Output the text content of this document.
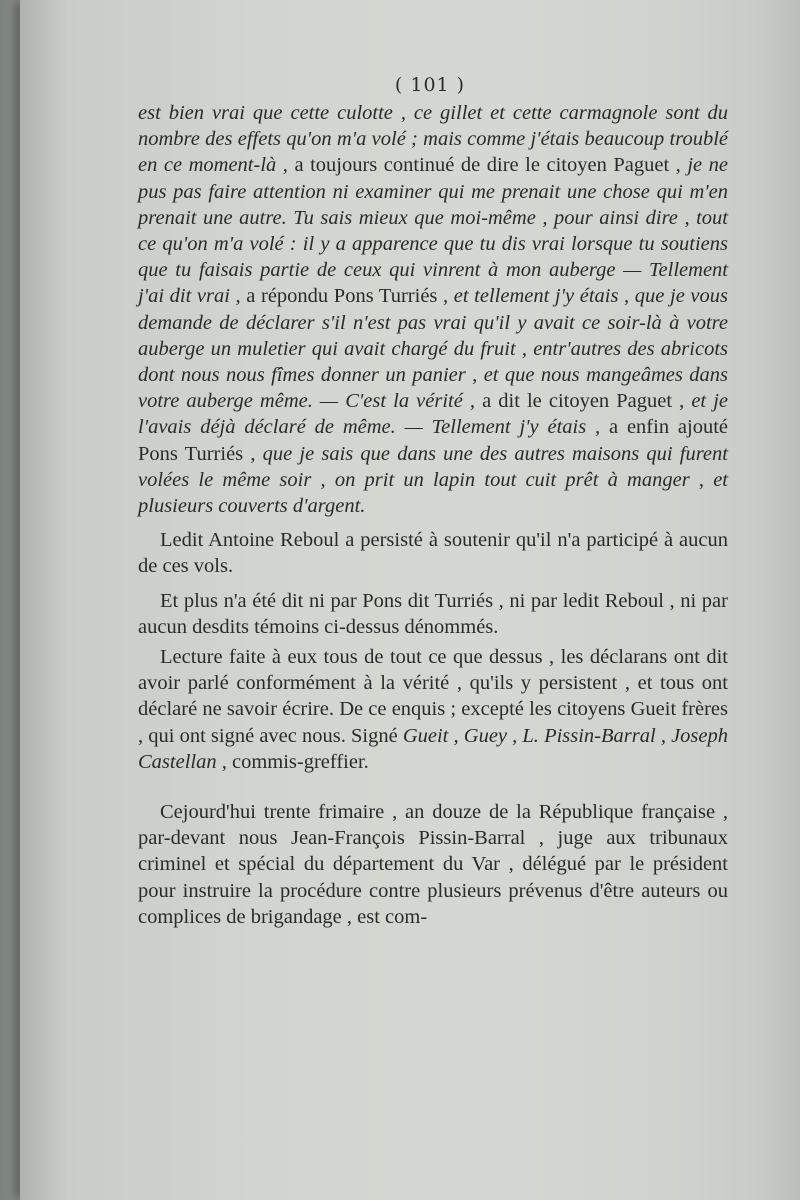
( 101 )

est bien vrai que cette culotte , ce gillet et cette carmagnole sont du nombre des effets qu'on m'a volé ; mais comme j'étais beaucoup troublé en ce moment-là , a toujours continué de dire le citoyen Paguet , je ne pus pas faire attention ni examiner qui me prenait une chose qui m'en prenait une autre. Tu sais mieux que moi-même , pour ainsi dire , tout ce qu'on m'a volé : il y a apparence que tu dis vrai lorsque tu soutiens que tu faisais partie de ceux qui vinrent à mon auberge — Tellement j'ai dit vrai , a répondu Pons Turriés , et tellement j'y étais , que je vous demande de déclarer s'il n'est pas vrai qu'il y avait ce soir-là à votre auberge un muletier qui avait chargé du fruit , entr'autres des abricots dont nous nous fîmes donner un panier , et que nous mangeâmes dans votre auberge même. — C'est la vérité , a dit le citoyen Paguet , et je l'avais déjà déclaré de même. — Tellement j'y étais , a enfin ajouté Pons Turriés , que je sais que dans une des autres maisons qui furent volées le même soir , on prit un lapin tout cuit prêt à manger , et plusieurs couverts d'argent.

Ledit Antoine Reboul a persisté à soutenir qu'il n'a participé à aucun de ces vols.

Et plus n'a été dit ni par Pons dit Turriés , ni par ledit Reboul , ni par aucun desdits témoins ci-dessus dénommés.

Lecture faite à eux tous de tout ce que dessus , les déclarans ont dit avoir parlé conformément à la vérité , qu'ils y persistent , et tous ont déclaré ne savoir écrire. De ce enquis ; excepté les citoyens Gueit frères , qui ont signé avec nous. Signé Gueit , Guey , L. Pissin-Barral , Joseph Castellan , commis-greffier.

Cejourd'hui trente frimaire , an douze de la République française , par-devant nous Jean-François Pissin-Barral , juge aux tribunaux criminel et spécial du département du Var , délégué par le président pour instruire la procédure contre plusieurs prévenus d'être auteurs ou complices de brigandage , est com-
